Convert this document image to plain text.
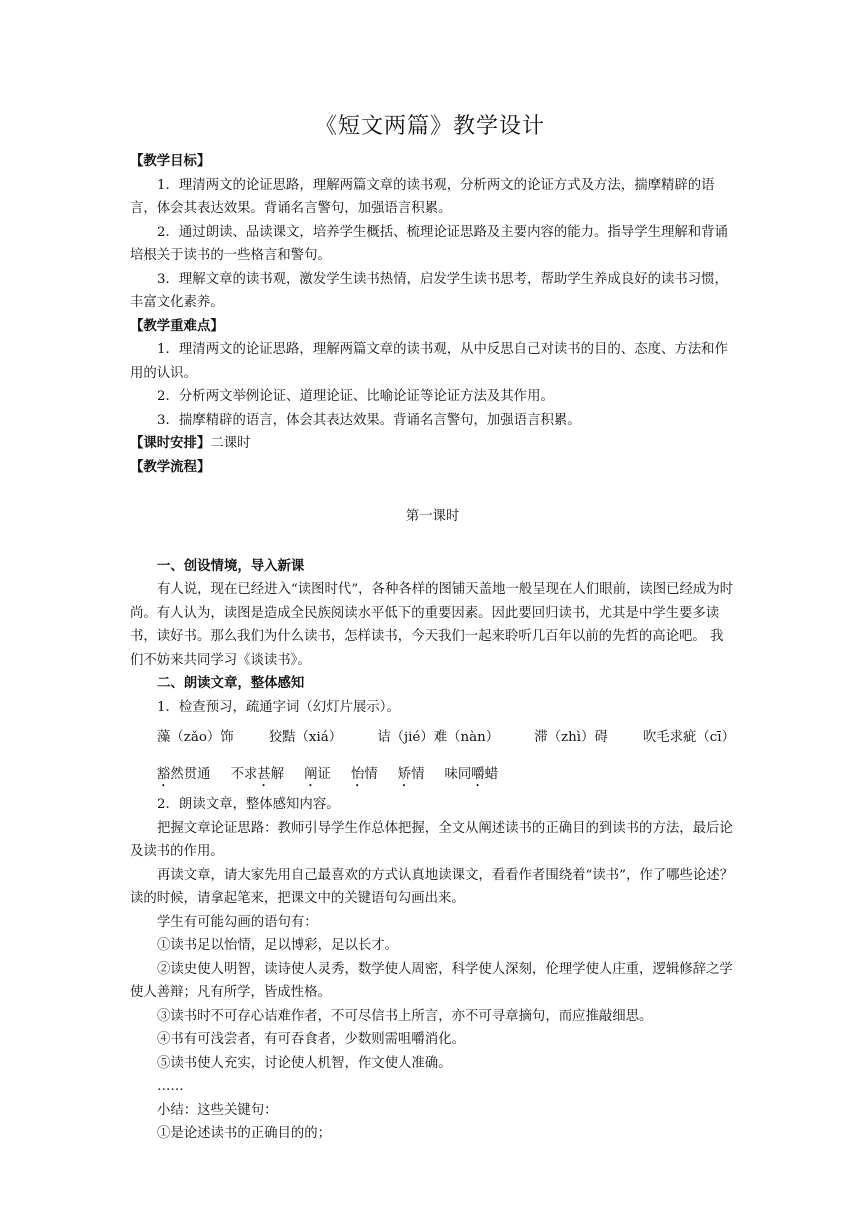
《短文两篇》教学设计

【教学目标】

1．理清两文的论证思路，理解两篇文章的读书观，分析两文的论证方式及方法，揣摩精辟的语言，体会其表达效果。背诵名言警句，加强语言积累。

2．通过朗读、品读课文，培养学生概括、梳理论证思路及主要内容的能力。指导学生理解和背诵培根关于读书的一些格言和警句。

3．理解文章的读书观，激发学生读书热情，启发学生读书思考，帮助学生养成良好的读书习惯，丰富文化素养。

【教学重难点】

1．理清两文的论证思路，理解两篇文章的读书观，从中反思自己对读书的目的、态度、方法和作用的认识。

2．分析两文举例论证、道理论证、比喻论证等论证方法及其作用。

3．揣摩精辟的语言，体会其表达效果。背诵名言警句，加强语言积累。

【课时安排】二课时

【教学流程】

第一课时

一、创设情境，导入新课

有人说，现在已经进入“读图时代”，各种各样的图铺天盖地一般呈现在人们眼前，读图已经成为时尚。有人认为，读图是造成全民族阅读水平低下的重要因素。因此要回归读书，尤其是中学生要多读书，读好书。那么我们为什么读书，怎样读书，今天我们一起来聆听几百年以前的先哲的高论吧。 我们不妨来共同学习《谈读书》。

二、朗读文章，整体感知

1．检查预习，疏通字词（幻灯片展示）。

藻（zǎo）饰	狡黠（xiá）	诘（jié）难（nàn）	滞（zhì）碍	吹毛求疵（cī）
豁然贯通 不求甚解 阐证 怡情 矫情 味同嚼蜡

2．朗读文章，整体感知内容。

把握文章论证思路：教师引导学生作总体把握，全文从阐述读书的正确目的到读书的方法，最后论及读书的作用。

再读文章，请大家先用自己最喜欢的方式认真地读课文，看看作者围绕着“读书”，作了哪些论述？读的时候，请拿起笔来，把课文中的关键语句勾画出来。

学生有可能勾画的语句有：

①读书足以怡情，足以博彩，足以长才。

②读史使人明智，读诗使人灵秀，数学使人周密，科学使人深刻，伦理学使人庄重，逻辑修辞之学使人善辩；凡有所学，皆成性格。

③读书时不可存心诘难作者，不可尽信书上所言，亦不可寻章摘句，而应推敲细思。

④书有可浅尝者，有可吞食者，少数则需咀嚼消化。

⑤读书使人充实，讨论使人机智，作文使人准确。

……

小结：这些关键句：

①是论述读书的正确目的的；
